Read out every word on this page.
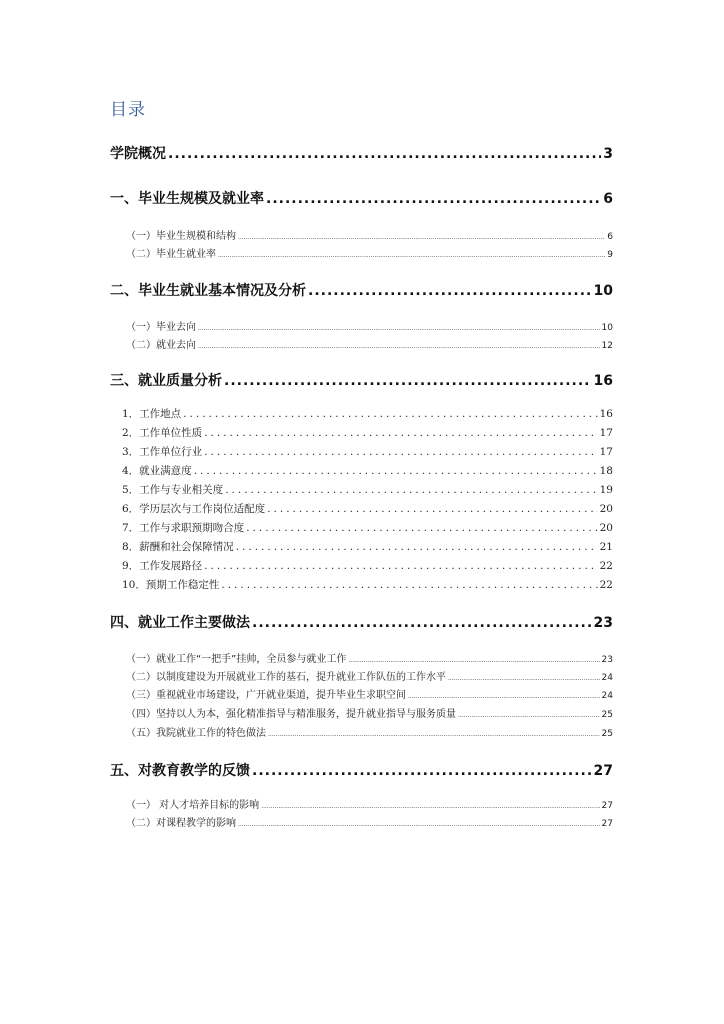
目录
学院概况 .....	3
一、毕业生规模及就业率 .....	6
（一）毕业生规模和结构 .....	6
（二）毕业生就业率 .....	9
二、毕业生就业基本情况及分析 .....	10
（一）毕业去向 .....	10
（二）就业去向 .....	12
三、就业质量分析 .....	16
1．工作地点 .....	16
2．工作单位性质 .....	17
3．工作单位行业 .....	17
4．就业满意度 .....	18
5．工作与专业相关度 .....	19
6．学历层次与工作岗位适配度 .....	20
7．工作与求职预期吻合度 .....	20
8．薪酬和社会保障情况 .....	21
9．工作发展路径 .....	22
10．预期工作稳定性 .....	22
四、就业工作主要做法 .....	23
（一）就业工作“一把手”挂帅，全员参与就业工作 .....	23
（二）以制度建设为开展就业工作的基石，提升就业工作队伍的工作水平 .....	24
（三）重视就业市场建设，广开就业渠道，提升毕业生求职空间 .....	24
（四）坚持以人为本，强化精准指导与精准服务，提升就业指导与服务质量 .....	25
（五）我院就业工作的特色做法 .....	25
五、对教育教学的反馈 .....	27
（一） 对人才培养目标的影响 .....	27
（二）对课程教学的影响 .....	27
